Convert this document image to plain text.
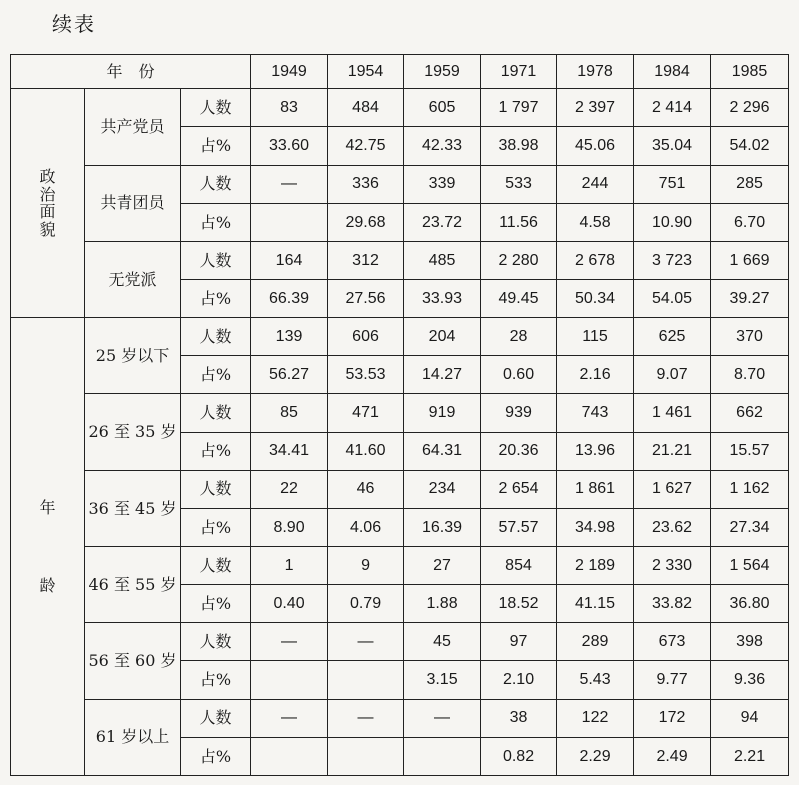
续表
年　份			1949	1954	1959	1971	1978	1984	1985

政
治
面
貌	共产党员	人数	83	484	605	1 797	2 397	2 414	2 296
		占%	33.60	42.75	42.33	38.98	45.06	35.04	54.02
	共青团员	人数	—	336	339	533	244	751	285
		占%		29.68	23.72	11.56	4.58	10.90	6.70
	无党派	人数	164	312	485	2 280	2 678	3 723	1 669
		占%	66.39	27.56	33.93	49.45	50.34	54.05	39.27

年
龄	25 岁以下	人数	139	606	204	28	115	625	370
		占%	56.27	53.53	14.27	0.60	2.16	9.07	8.70
	26 至 35 岁	人数	85	471	919	939	743	1 461	662
		占%	34.41	41.60	64.31	20.36	13.96	21.21	15.57
	36 至 45 岁	人数	22	46	234	2 654	1 861	1 627	1 162
		占%	8.90	4.06	16.39	57.57	34.98	23.62	27.34
	46 至 55 岁	人数	1	9	27	854	2 189	2 330	1 564
		占%	0.40	0.79	1.88	18.52	41.15	33.82	36.80
	56 至 60 岁	人数	—	—	45	97	289	673	398
		占%			3.15	2.10	5.43	9.77	9.36
	61 岁以上	人数	—	—	—	38	122	172	94
		占%				0.82	2.29	2.49	2.21
